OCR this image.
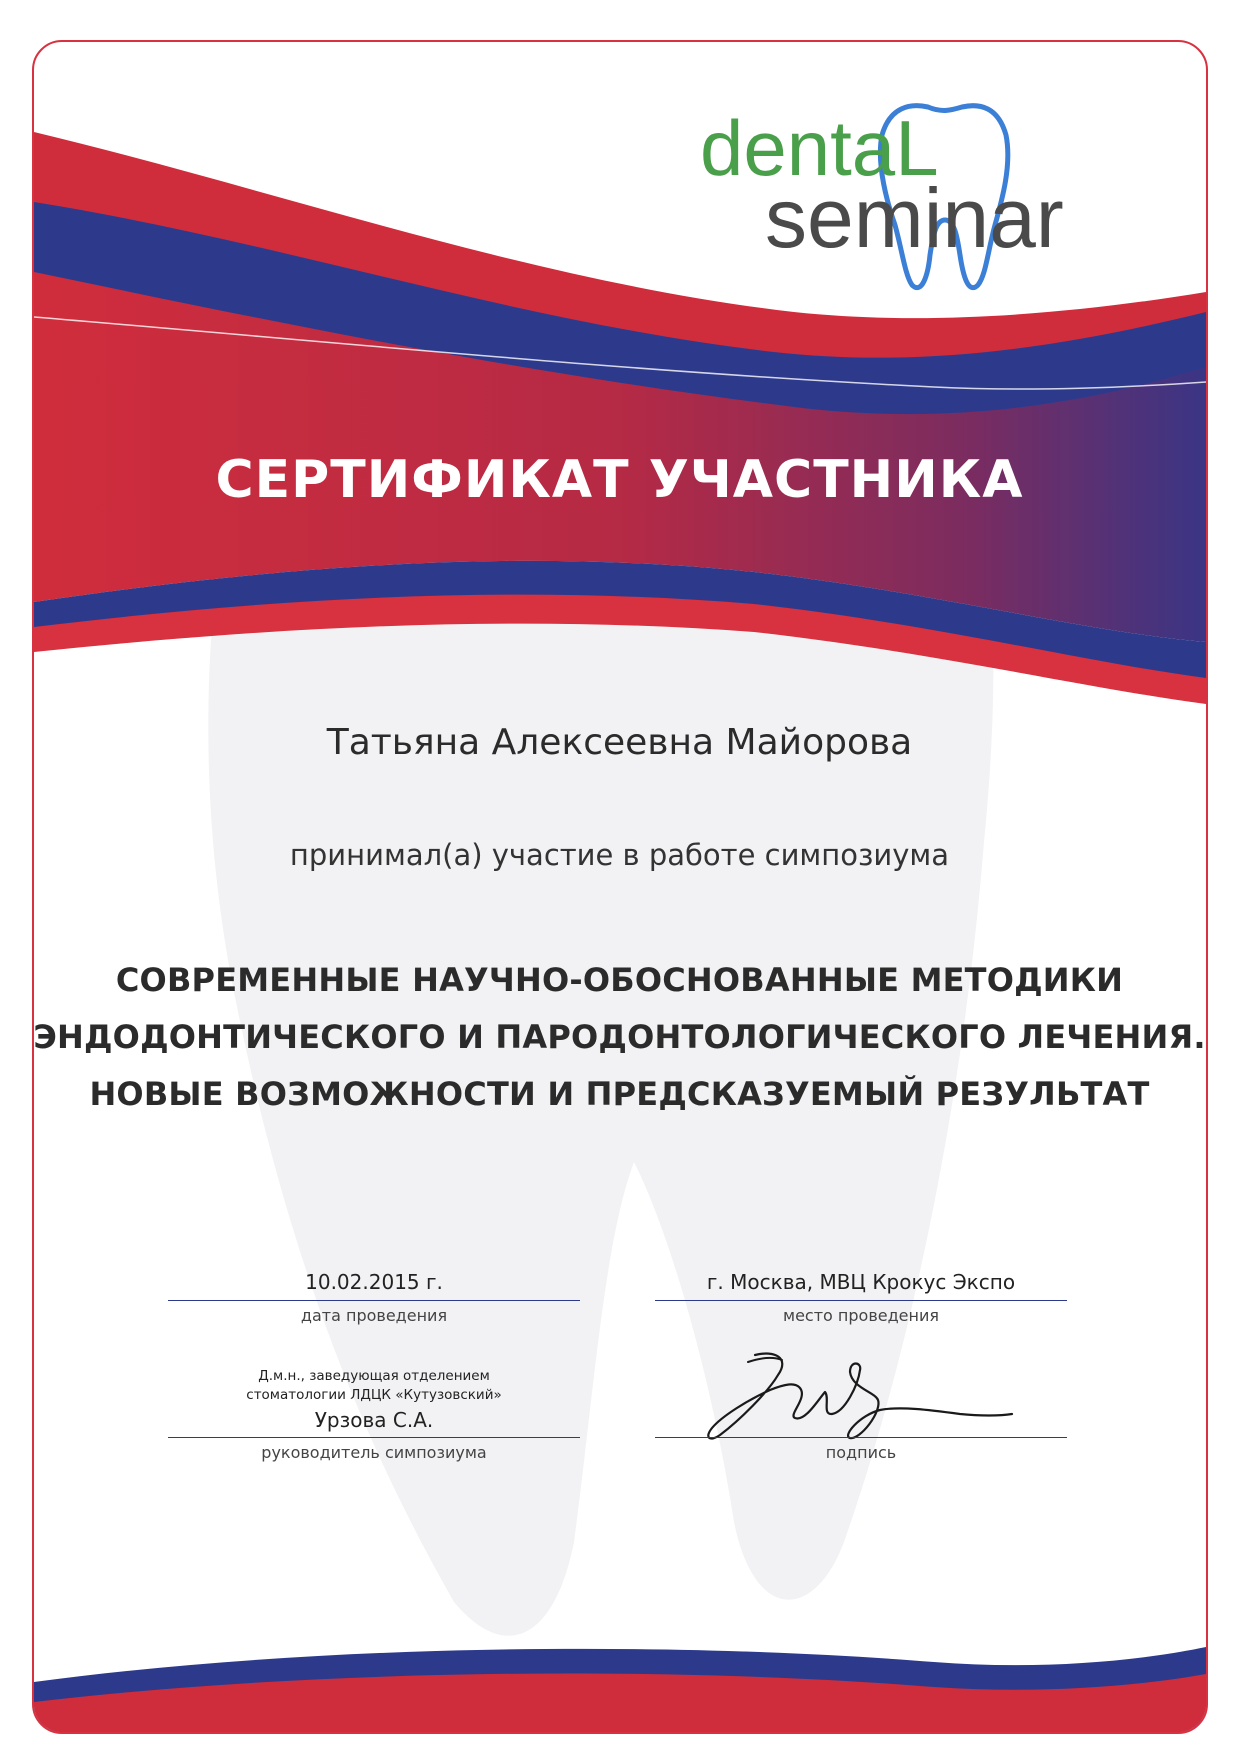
dentaL
seminar
СЕРТИФИКАТ УЧАСТНИКА
Татьяна Алексеевна Майорова
принимал(а) участие в работе симпозиума
СОВРЕМЕННЫЕ НАУЧНО-ОБОСНОВАННЫЕ МЕТОДИКИ
ЭНДОДОНТИЧЕСКОГО И ПАРОДОНТОЛОГИЧЕСКОГО ЛЕЧЕНИЯ.
НОВЫЕ ВОЗМОЖНОСТИ И ПРЕДСКАЗУЕМЫЙ РЕЗУЛЬТАТ
10.02.2015 г.
дата проведения
г. Москва, МВЦ Крокус Экспо
место проведения
Д.м.н., заведующая отделением
стоматологии ЛДЦК «Кутузовский»
Урзова С.А.
руководитель симпозиума	подпись
